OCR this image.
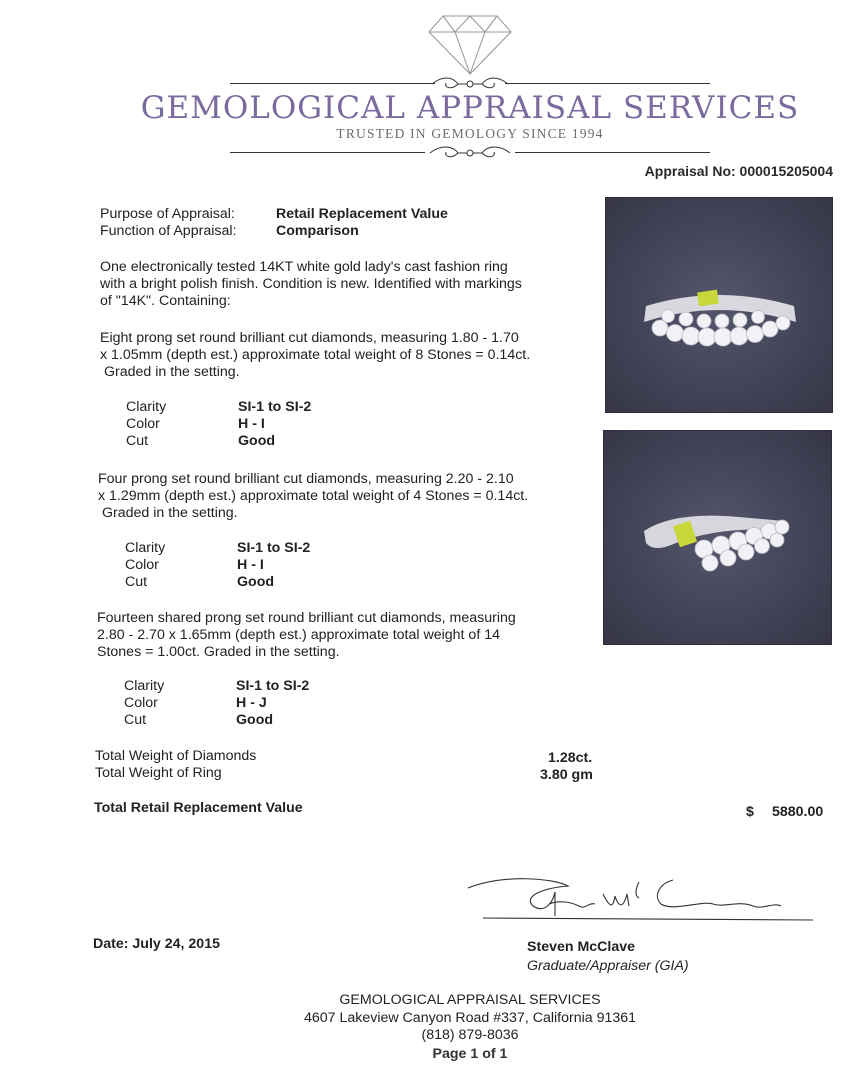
GEMOLOGICAL APPRAISAL SERVICES
TRUSTED IN GEMOLOGY SINCE 1994
Appraisal No: 000015205004
Purpose of Appraisal:	Retail Replacement Value
Function of Appraisal:	Comparison
One electronically tested 14KT white gold lady's cast fashion ring
with a bright polish finish. Condition is new. Identified with markings
of "14K". Containing:
Eight prong set round brilliant cut diamonds, measuring 1.80 - 1.70
x 1.05mm (depth est.) approximate total weight of 8 Stones = 0.14ct.
Graded in the setting.
Clarity	SI-1 to SI-2
Color	H - I
Cut	Good
Four prong set round brilliant cut diamonds, measuring 2.20 - 2.10
x 1.29mm (depth est.) approximate total weight of 4 Stones = 0.14ct.
Graded in the setting.
Clarity	SI-1 to SI-2
Color	H - I
Cut	Good
Fourteen shared prong set round brilliant cut diamonds, measuring
2.80 - 2.70 x 1.65mm (depth est.) approximate total weight of 14
Stones = 1.00ct. Graded in the setting.
Clarity	SI-1 to SI-2
Color	H - J
Cut	Good
Total Weight of Diamonds	1.28ct.
Total Weight of Ring	3.80 gm
Total Retail Replacement Value	$ 5880.00
Date: July 24, 2015	Steven McClave
Graduate/Appraiser (GIA)
GEMOLOGICAL APPRAISAL SERVICES
4607 Lakeview Canyon Road #337, California 91361
(818) 879-8036
Page 1 of 1
